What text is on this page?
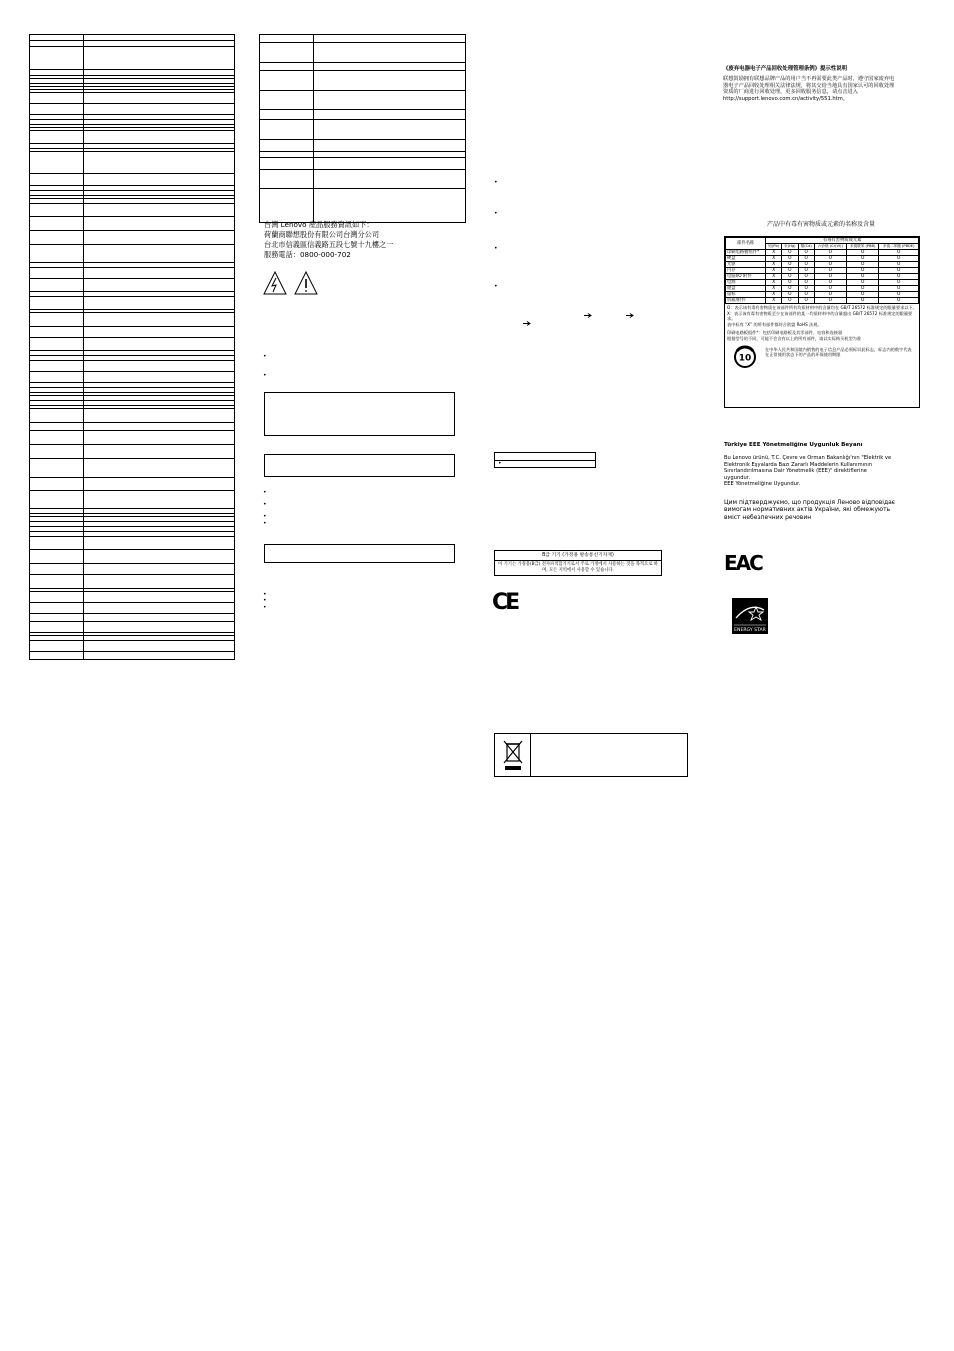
台灣 Lenovo 產品服務資訊如下：
荷蘭商聯想股份有限公司台灣分公司
台北市信義區信義路五段七號十九樓之一
服務電話：0800-000-702
•
•
•
•
•
•
•
•
•
•
•
•
•
•
B급 기기 (가정용 방송통신기자재)
이 기기는 가정용(B급) 전자파적합기기로서 주로 가정에서 사용하는 것을 목적으로 하며, 모든 지역에서 사용할 수 있습니다.
CE
《废弃电器电子产品回收处理管理条例》提示性说明
联想鼓励拥有联想品牌产品的用户当不再需要此类产品时，遵守国家废弃电器电子产品回收处理相关法律法规，将其交给当地具有国家认可的回收处理资质的厂商进行回收处理。更多回收服务信息，请点击进入 http://support.lenovo.com.cn/activity/551.htm。
产品中有毒有害物质或元素的名称及含量
部件名称	有毒有害物质或元素					
	铅(Pb)	汞(Hg)	镉(Cd)	六价铬 (Cr(VI))	多溴联苯 (PBB)	多溴二苯醚 (PBDE)
印刷电路板组件*	X	O	O	O	O	O
硬盘	X	O	O	O	O	O
光驱	X	O	O	O	O	O
内存	X	O	O	O	O	O
电脑I/O 附件	X	O	O	O	O	O
电源	X	O	O	O	O	O
键盘	X	O	O	O	O	O
鼠标	X	O	O	O	O	O
机箱/附件	X	O	O	O	O	O
O：表示该有毒有害物质在该部件所有均质材料中的含量均在 GB/T 26572 标准规定的限量要求以下。
X：表示该有毒有害物质至少在该部件的某一均质材料中的含量超出 GB/T 26572 标准规定的限量要求。
表中标有 “X” 的所有部件都符合欧盟 RoHS 法规。
印刷电路板组件*：包括印刷电路板及其零部件、电容和连接器
根据型号的不同，可能不会含有以上的所有部件，请以实际购买机型为准
10
在中华人民共和国境内销售的电子信息产品必须标识此标志，标志内的数字代表在正常使用状态下的产品的环保使用期限
Türkiye EEE Yönetmeliğine Uygunluk Beyanı
Bu Lenovo ürünü, T.C. Çevre ve Orman Bakanlığı'nın "Elektrik ve Elektronik Eşyalarda Bazı Zararlı Maddelerin Kullanımının Sınırlandırılmasına Dair Yönetmelik (EEE)" direktiflerine uygundur.
EEE Yönetmeliğine Uygundur.
Цим підтверджуємо, що продукція Леново відповідає вимогам нормативних актів України, які обмежують вміст небезпечних речовин
EAC
ENERGY STAR
